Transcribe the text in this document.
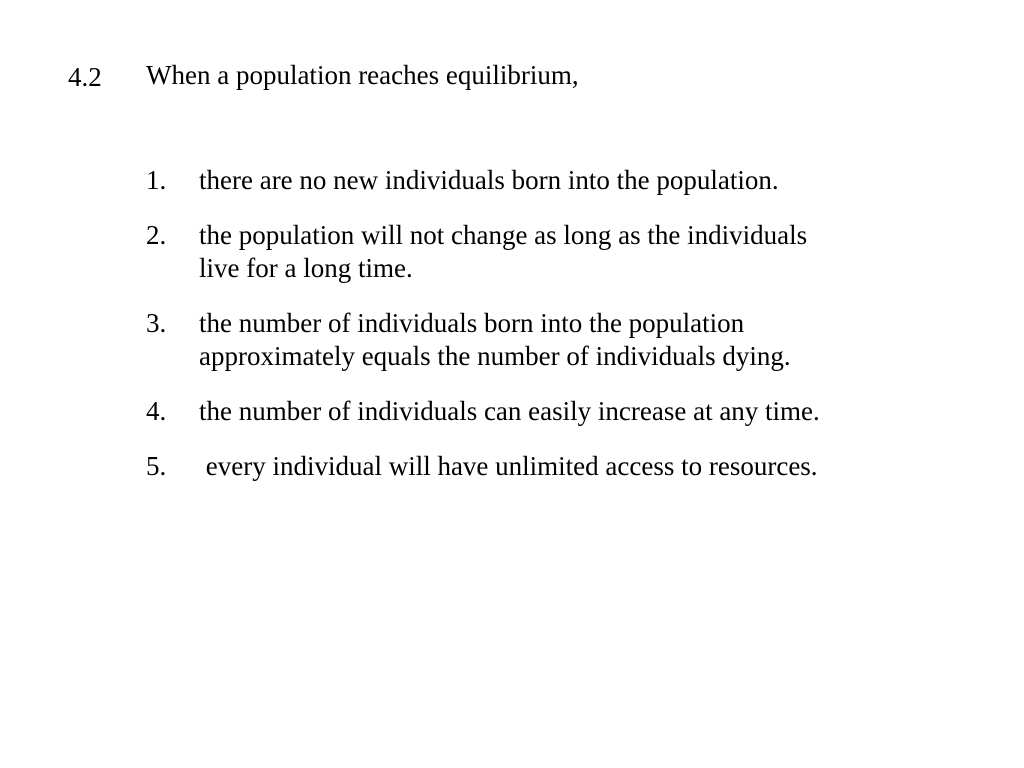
4.2 When a population reaches equilibrium,
1. there are no new individuals born into the population.
2. the population will not change as long as the individuals
live for a long time.
3. the number of individuals born into the population
approximately equals the number of individuals dying.
4. the number of individuals can easily increase at any time.
5. every individual will have unlimited access to resources.
